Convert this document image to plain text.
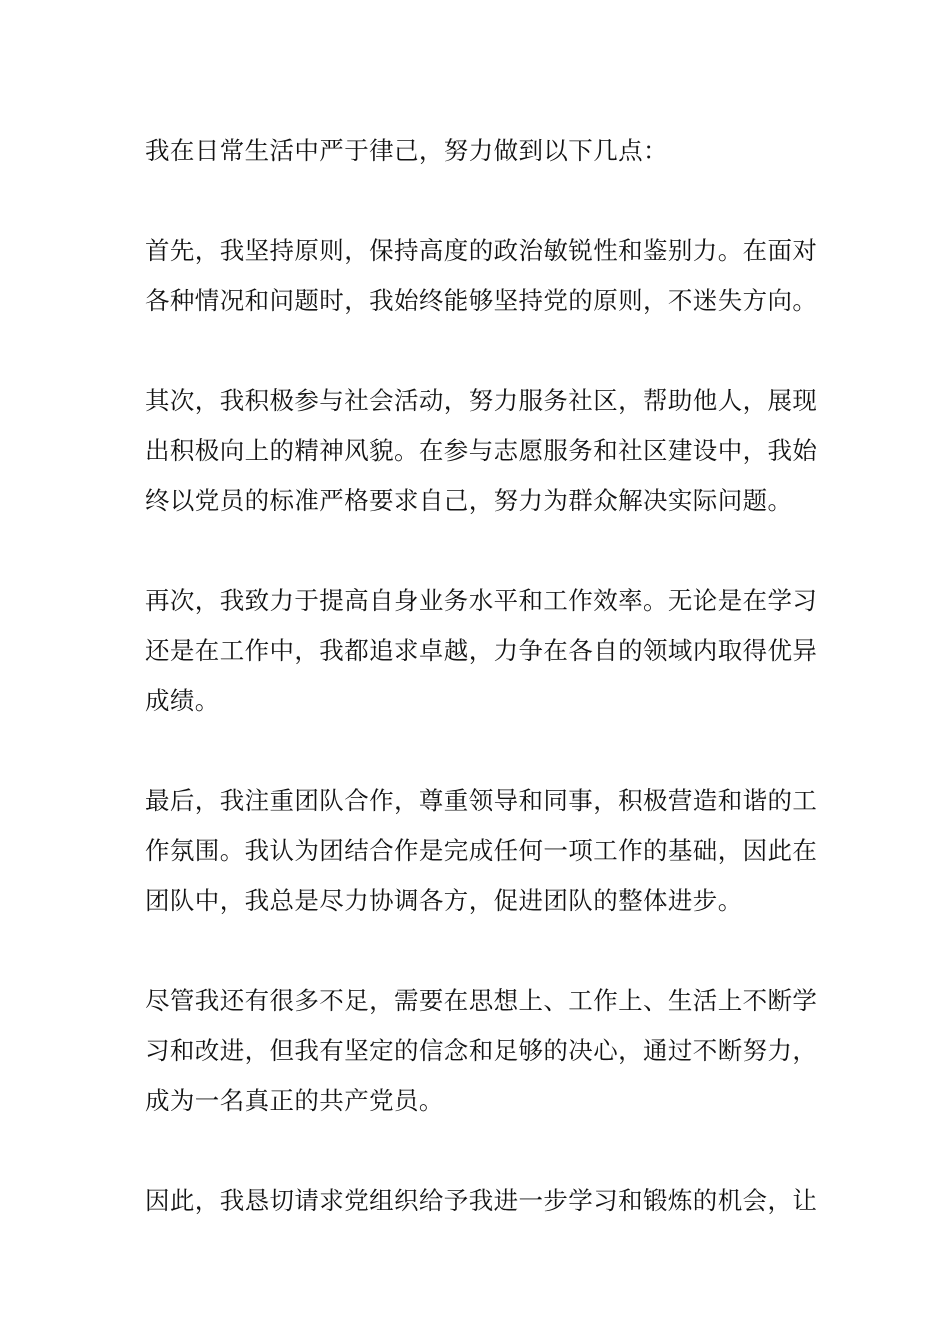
我在日常生活中严于律己，努力做到以下几点：

首先，我坚持原则，保持高度的政治敏锐性和鉴别力。在面对
各种情况和问题时，我始终能够坚持党的原则，不迷失方向。

其次，我积极参与社会活动，努力服务社区，帮助他人，展现
出积极向上的精神风貌。在参与志愿服务和社区建设中，我始
终以党员的标准严格要求自己，努力为群众解决实际问题。

再次，我致力于提高自身业务水平和工作效率。无论是在学习
还是在工作中，我都追求卓越，力争在各自的领域内取得优异
成绩。

最后，我注重团队合作，尊重领导和同事，积极营造和谐的工
作氛围。我认为团结合作是完成任何一项工作的基础，因此在
团队中，我总是尽力协调各方，促进团队的整体进步。

尽管我还有很多不足，需要在思想上、工作上、生活上不断学
习和改进，但我有坚定的信念和足够的决心，通过不断努力，
成为一名真正的共产党员。

因此，我恳切请求党组织给予我进一步学习和锻炼的机会，让
